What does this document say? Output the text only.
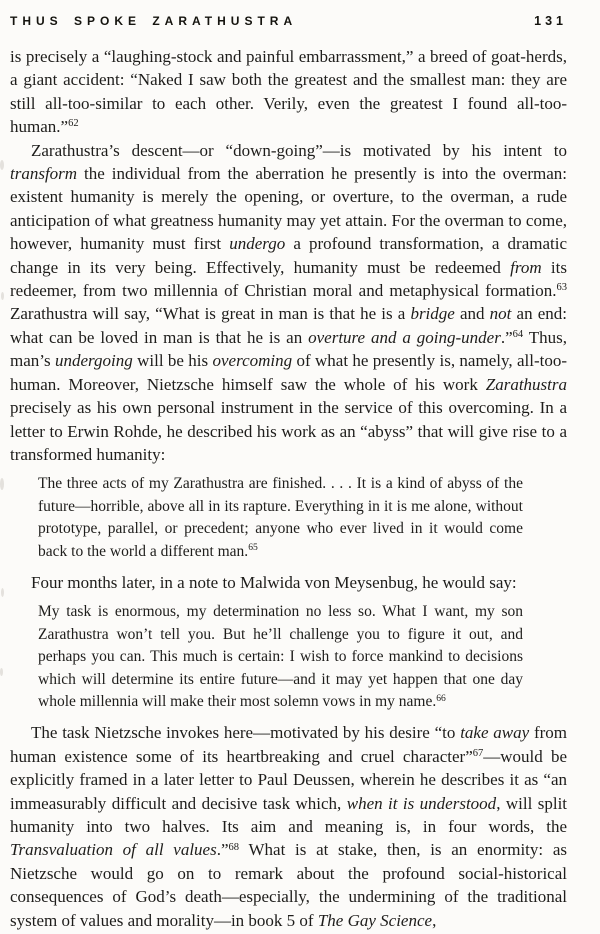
THUS SPOKE ZARATHUSTRA	131

is precisely a “laughing-stock and painful embarrassment,” a breed of goat-herds, a giant accident: “Naked I saw both the greatest and the smallest man: they are still all-too-similar to each other. Verily, even the greatest I found all-too-human.”$^{62}$

Zarathustra’s descent—or “down-going”—is motivated by his intent to transform the individual from the aberration he presently is into the overman: existent humanity is merely the opening, or overture, to the overman, a rude anticipation of what greatness humanity may yet attain. For the overman to come, however, humanity must first undergo a profound transformation, a dramatic change in its very being. Effectively, humanity must be redeemed from its redeemer, from two millennia of Christian moral and metaphysical formation.$^{63}$ Zarathustra will say, “What is great in man is that he is a bridge and not an end: what can be loved in man is that he is an overture and a going-under.”$^{64}$ Thus, man’s undergoing will be his overcoming of what he presently is, namely, all-too-human. Moreover, Nietzsche himself saw the whole of his work Zarathustra precisely as his own personal instrument in the service of this overcoming. In a letter to Erwin Rohde, he described his work as an “abyss” that will give rise to a transformed humanity:

The three acts of my Zarathustra are finished. . . . It is a kind of abyss of the future—horrible, above all in its rapture. Everything in it is me alone, without prototype, parallel, or precedent; anyone who ever lived in it would come back to the world a different man.$^{65}$

Four months later, in a note to Malwida von Meysenbug, he would say:

My task is enormous, my determination no less so. What I want, my son Zarathustra won’t tell you. But he’ll challenge you to figure it out, and perhaps you can. This much is certain: I wish to force mankind to decisions which will determine its entire future—and it may yet happen that one day whole millennia will make their most solemn vows in my name.$^{66}$

The task Nietzsche invokes here—motivated by his desire “to take away from human existence some of its heartbreaking and cruel character”$^{67}$—would be explicitly framed in a later letter to Paul Deussen, wherein he describes it as “an immeasurably difficult and decisive task which, when it is understood, will split humanity into two halves. Its aim and meaning is, in four words, the Transvaluation of all values.”$^{68}$ What is at stake, then, is an enormity: as Nietzsche would go on to remark about the profound social-historical consequences of God’s death—especially, the undermining of the traditional system of values and morality—in book 5 of The Gay Science,
